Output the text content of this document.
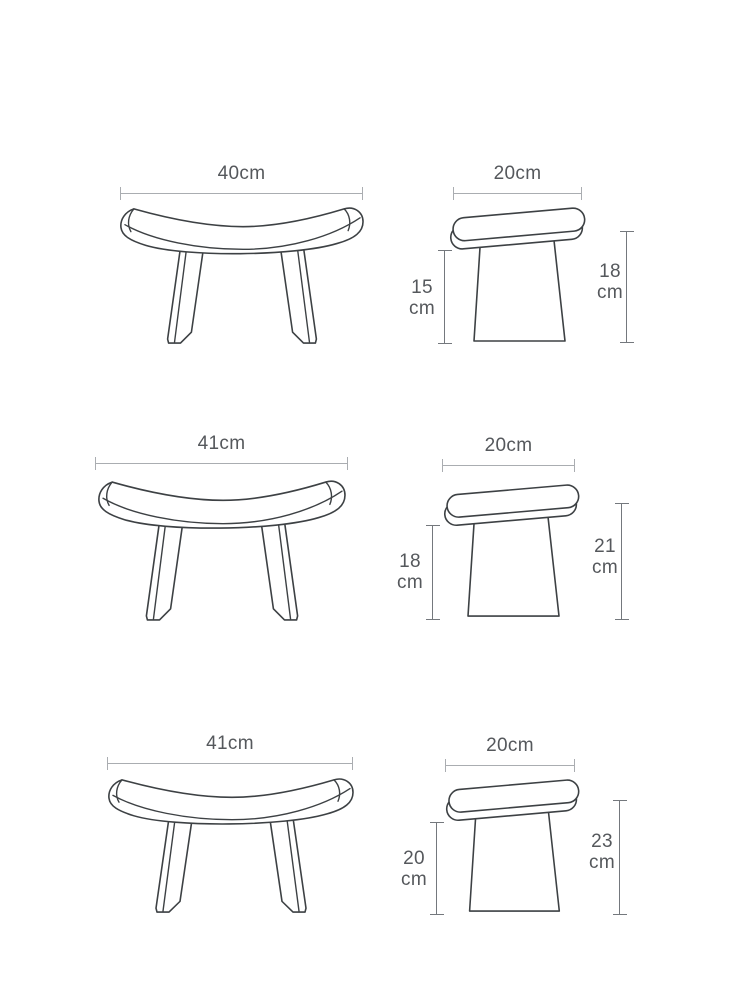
40cm	20cm
15
cm
18
cm
41cm	20cm
18
cm
21
cm
41cm	20cm
20
cm
23
cm
